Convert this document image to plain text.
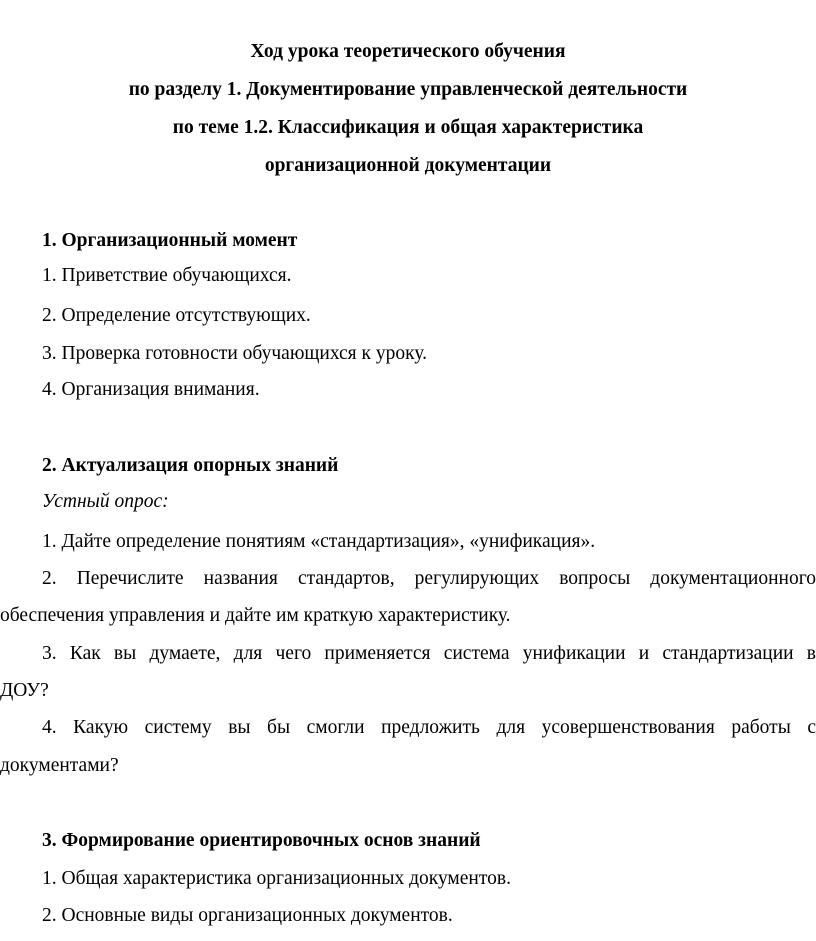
Ход урока теоретического обучения
по разделу 1. Документирование управленческой деятельности
по теме 1.2. Классификация и общая характеристика
организационной документации
1. Организационный момент
1. Приветствие обучающихся.
2. Определение отсутствующих.
3. Проверка готовности обучающихся к уроку.
4. Организация внимания.
2. Актуализация опорных знаний
Устный опрос:
1. Дайте определение понятиям «стандартизация», «унификация».
2. Перечислите названия стандартов, регулирующих вопросы документационного
обеспечения управления и дайте им краткую характеристику.
3. Как вы думаете, для чего применяется система унификации и стандартизации в
ДОУ?
4. Какую систему вы бы смогли предложить для усовершенствования работы с
документами?
3. Формирование ориентировочных основ знаний
1. Общая характеристика организационных документов.
2. Основные виды организационных документов.
